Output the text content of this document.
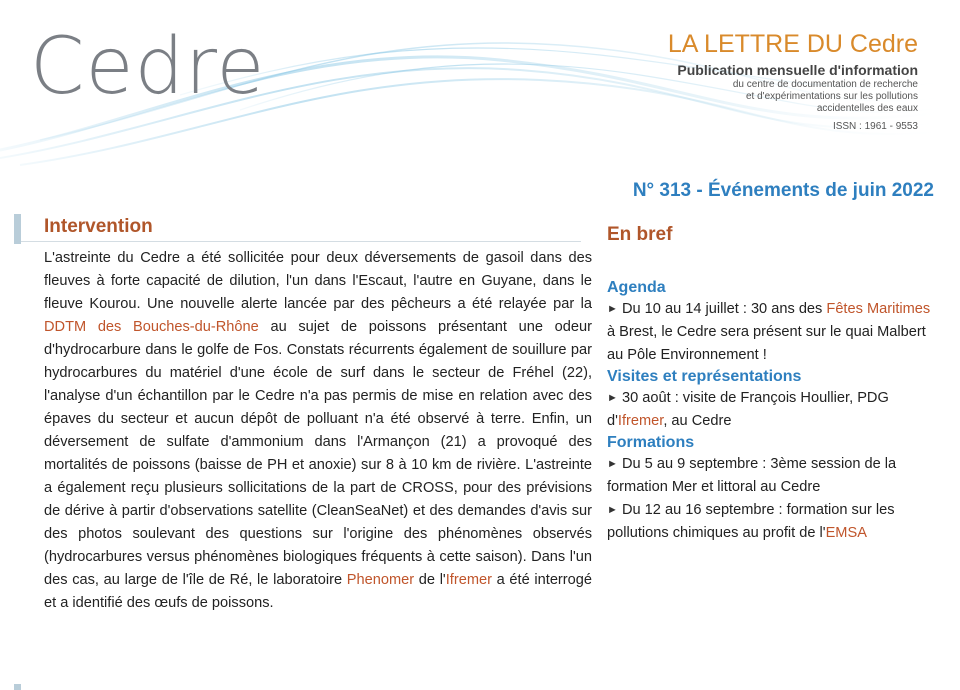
Cedre	LA LETTRE DU Cedre
Publication mensuelle d'information
du centre de documentation de recherche
et d'expérimentations sur les pollutions
accidentelles des eaux
ISSN : 1961 - 9553
N° 313 - Événements de juin 2022
Intervention
L'astreinte du Cedre a été sollicitée pour deux déversements de gasoil dans des fleuves à forte capacité de dilution, l'un dans l'Escaut, l'autre en Guyane, dans le fleuve Kourou. Une nouvelle alerte lancée par des pêcheurs a été relayée par la DDTM des Bouches-du-Rhône au sujet de poissons présentant une odeur d'hydrocarbure dans le golfe de Fos. Constats récurrents également de souillure par hydrocarbures du matériel d'une école de surf dans le secteur de Fréhel (22), l'analyse d'un échantillon par le Cedre n'a pas permis de mise en relation avec des épaves du secteur et aucun dépôt de polluant n'a été observé à terre. Enfin, un déversement de sulfate d'ammonium dans l'Armançon (21) a provoqué des mortalités de poissons (baisse de PH et anoxie) sur 8 à 10 km de rivière. L'astreinte a également reçu plusieurs sollicitations de la part de CROSS, pour des prévisions de dérive à partir d'observations satellite (CleanSeaNet) et des demandes d'avis sur des photos soulevant des questions sur l'origine des phénomènes observés (hydrocarbures versus phénomènes biologiques fréquents à cette saison). Dans l'un des cas, au large de l'île de Ré, le laboratoire Phenomer de l'Ifremer a été interrogé et a identifié des œufs de poissons.
En bref
Agenda

► Du 10 au 14 juillet : 30 ans des Fêtes Maritimes à Brest, le Cedre sera présent sur le quai Malbert au Pôle Environnement !

Visites et représentations

► 30 août : visite de François Houllier, PDG d'Ifremer, au Cedre

Formations

► Du 5 au 9 septembre : 3ème session de la formation Mer et littoral au Cedre

► Du 12 au 16 septembre : formation sur les pollutions chimiques au profit de l'EMSA
